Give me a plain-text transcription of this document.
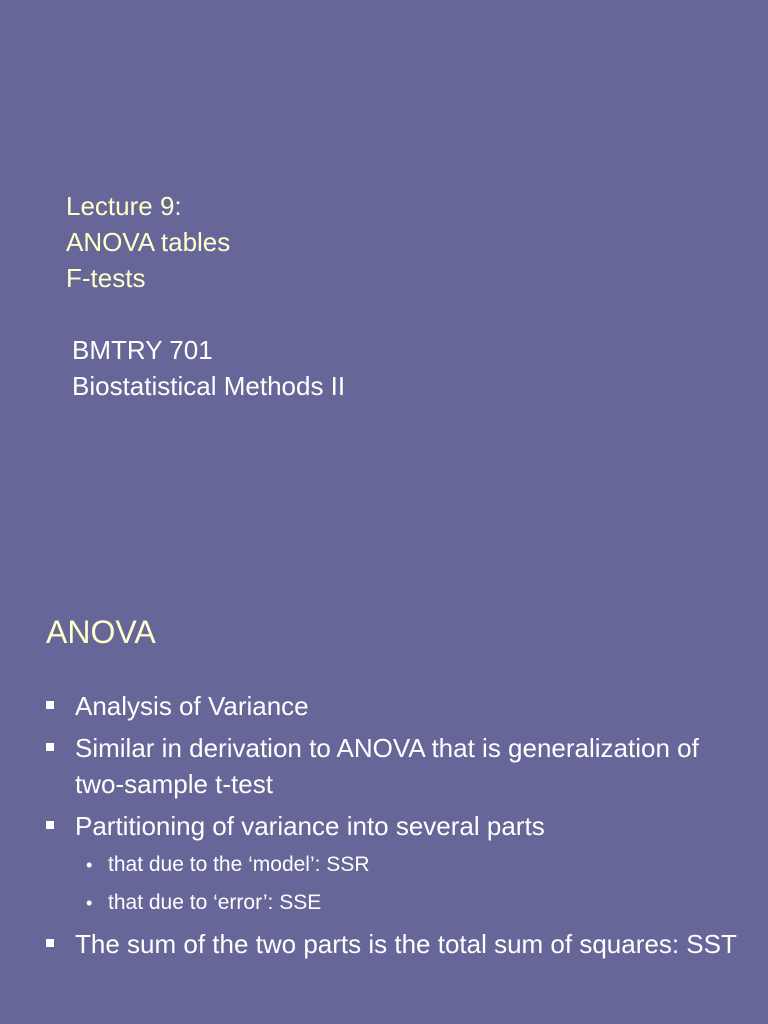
Lecture 9:
ANOVA tables
F-tests
BMTRY 701
Biostatistical Methods II
ANOVA
Analysis of Variance
Similar in derivation to ANOVA that is generalization of two-sample t-test
Partitioning of variance into several parts
• that due to the ‘model’: SSR
• that due to ‘error’: SSE
The sum of the two parts is the total sum of squares: SST
